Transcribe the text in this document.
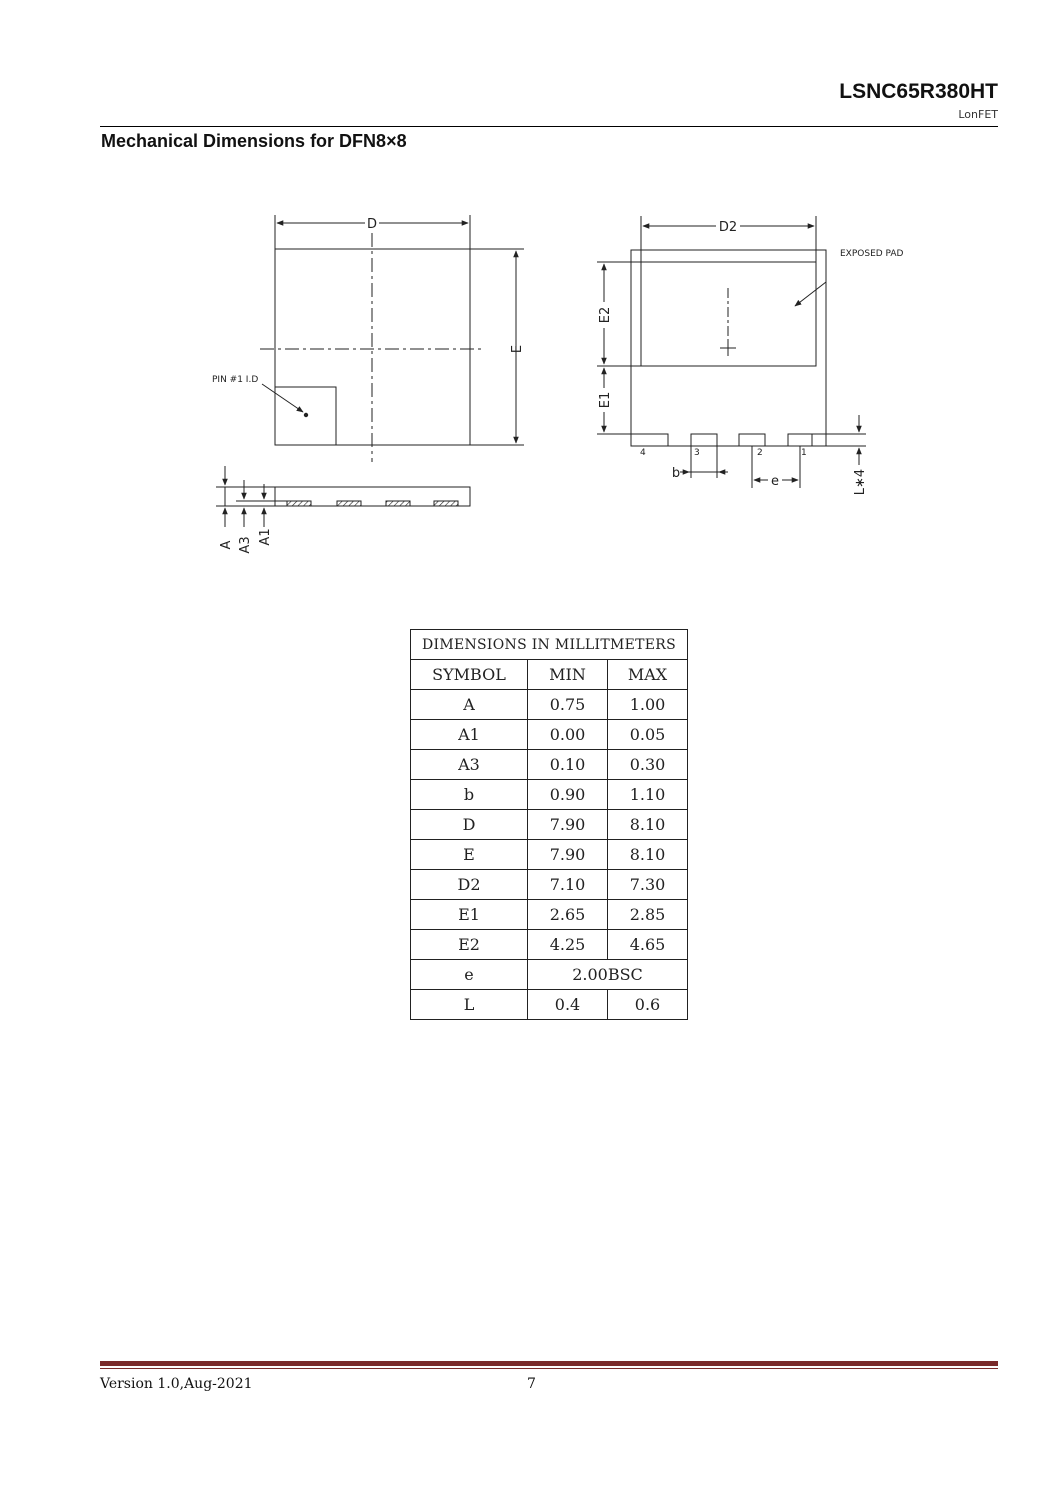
LSNC65R380HT
LonFET
Mechanical Dimensions for DFN8×8
D
E
PIN #1 I.D
A A3 A1
D2
EXPOSED PAD
E2
E1
4	3	2	1
b
e	L∗4
DIMENSIONS IN MILLITMETERS		
SYMBOL	MIN	MAX
A	0.75	1.00
A1	0.00	0.05
A3	0.10	0.30
b	0.90	1.10
D	7.90	8.10
E	7.90	8.10
D2	7.10	7.30
E1	2.65	2.85
E2	4.25	4.65
e	2.00BSC	
L	0.4	0.6
Version 1.0,Aug-2021	7
